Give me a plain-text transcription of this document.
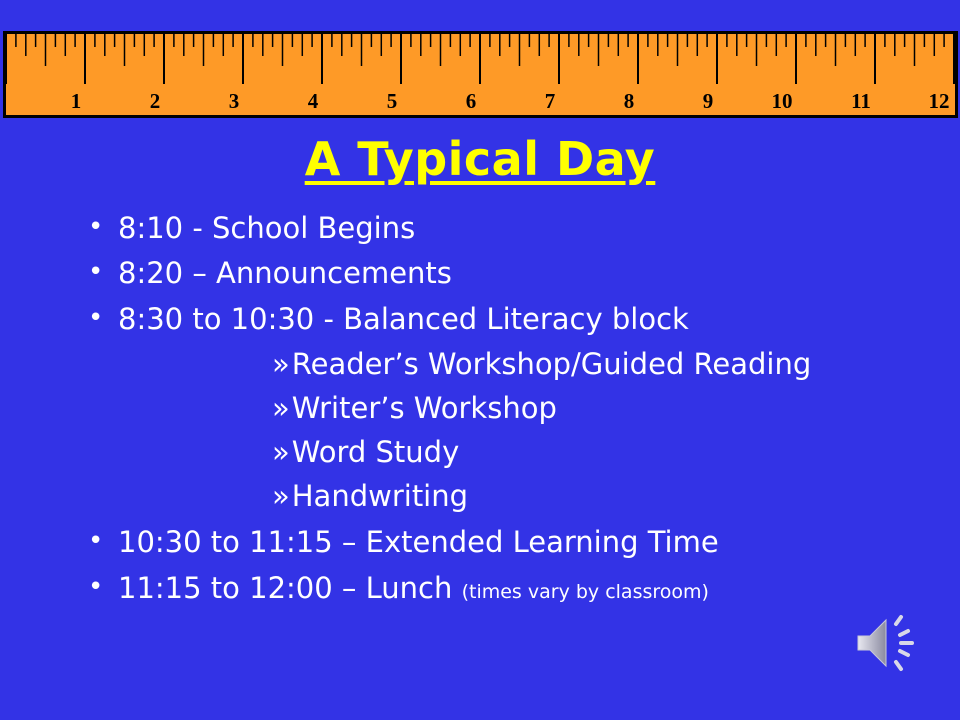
1	2	3	4	5	6	7	8	9	10	11	12
A Typical Day
• 8:10 - School Begins
• 8:20 – Announcements
• 8:30 to 10:30 - Balanced Literacy block
»Reader’s Workshop/Guided Reading
»Writer’s Workshop
»Word Study
»Handwriting
• 10:30 to 11:15 – Extended Learning Time
• 11:15 to 12:00 – Lunch (times vary by classroom)
